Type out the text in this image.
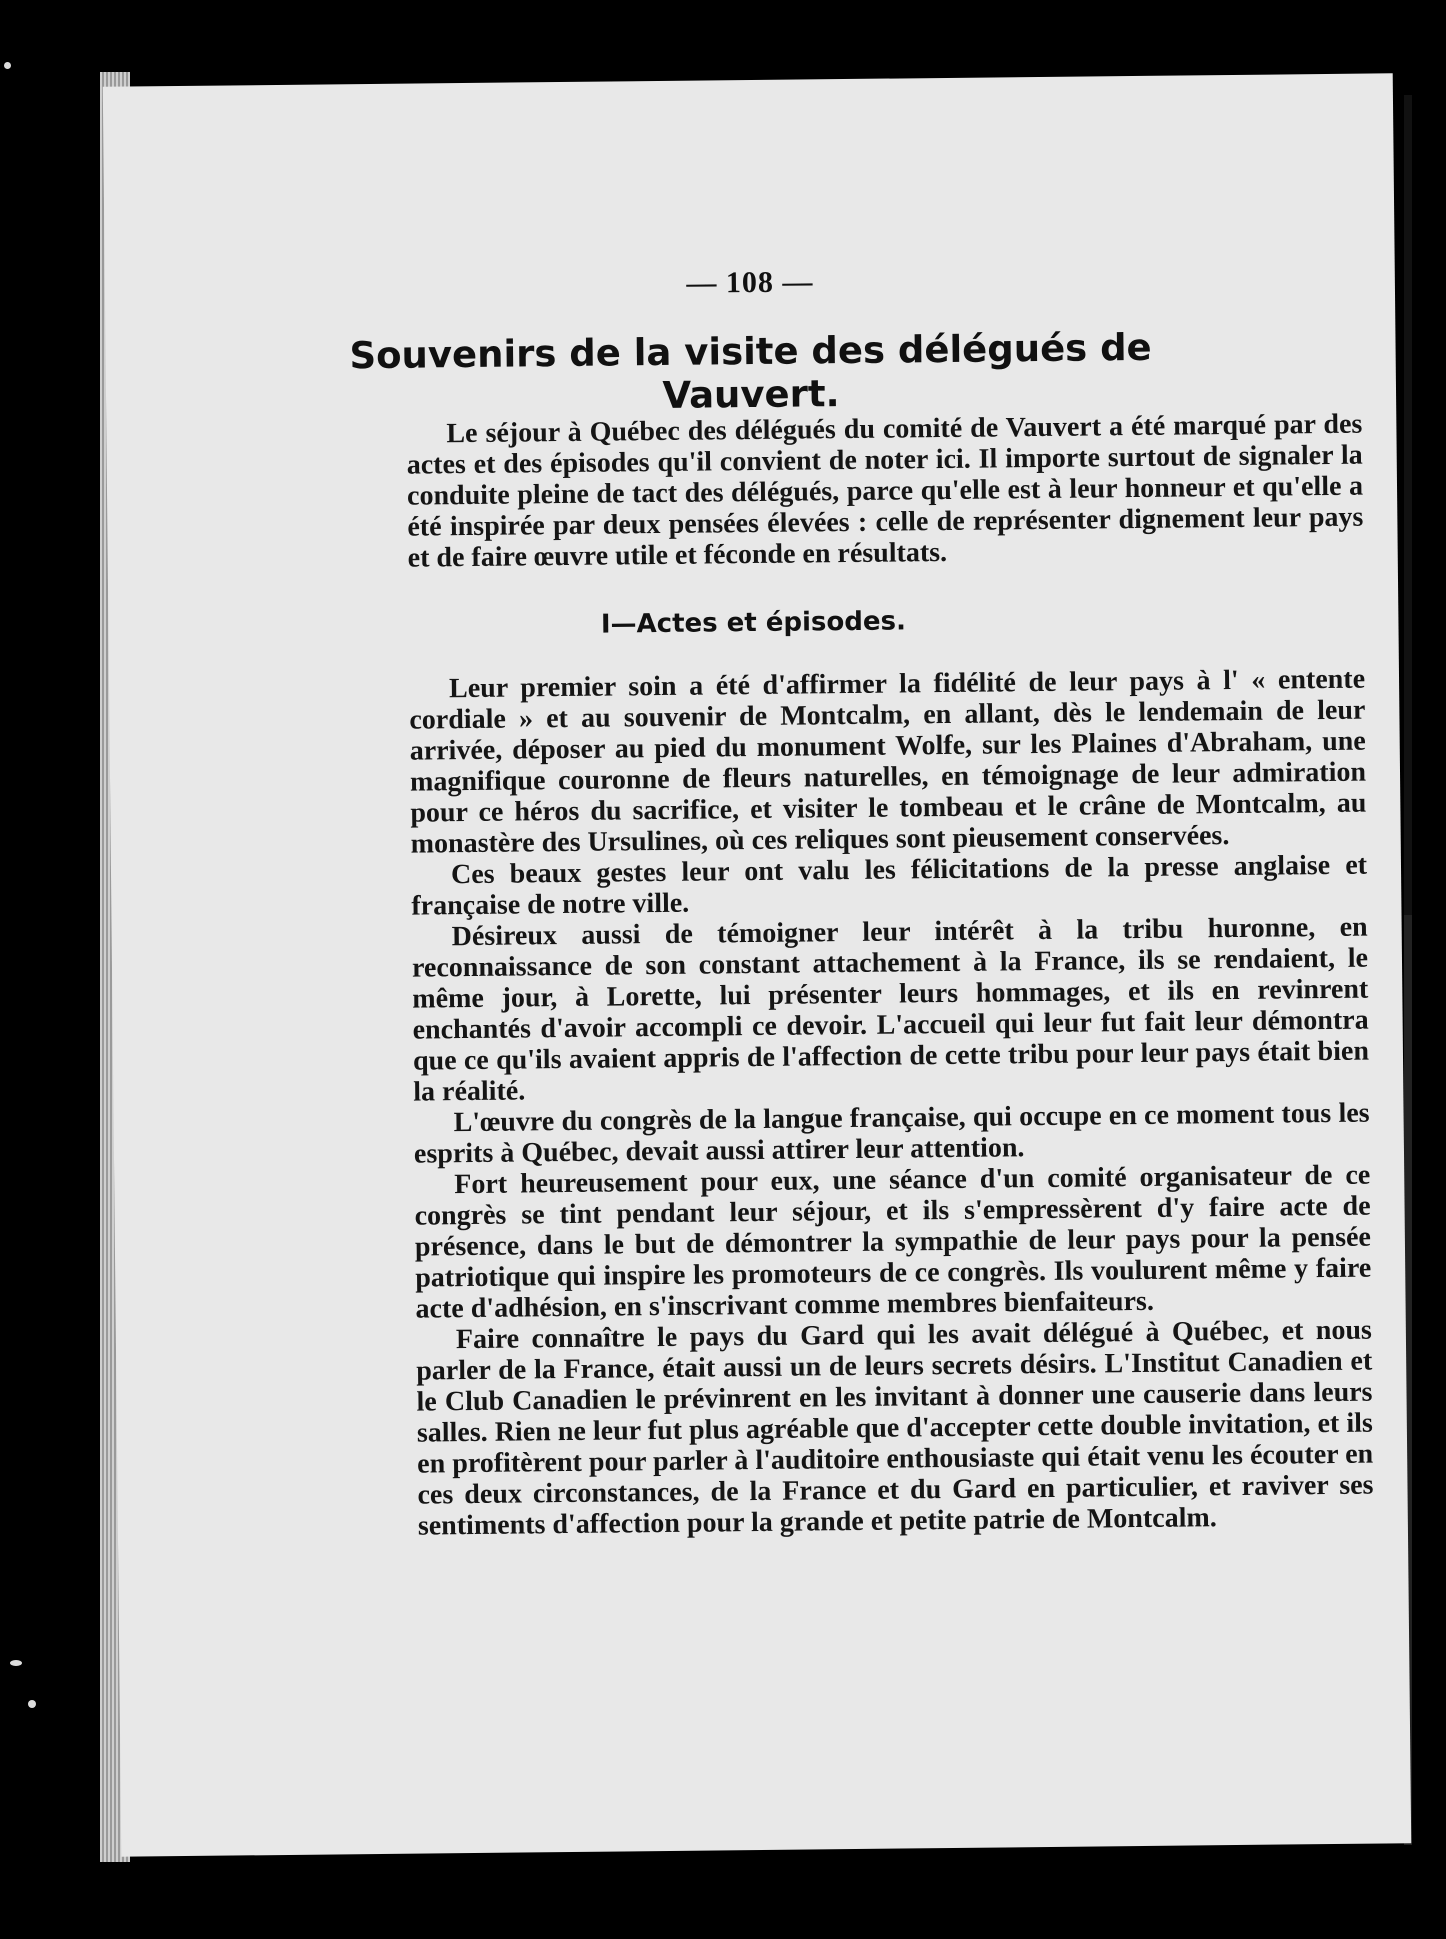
— 108 —
Souvenirs de la visite des délégués de Vauvert.

Le séjour à Québec des délégués du comité de Vauvert a été marqué par des actes et des épisodes qu'il convient de noter ici. Il importe surtout de signaler la conduite pleine de tact des délégués, parce qu'elle est à leur honneur et qu'elle a été inspirée par deux pensées élevées : celle de représenter dignement leur pays et de faire œuvre utile et féconde en résultats.

I—Actes et épisodes.

Leur premier soin a été d'affirmer la fidélité de leur pays à l' « entente cordiale » et au souvenir de Montcalm, en allant, dès le lendemain de leur arrivée, déposer au pied du monument Wolfe, sur les Plaines d'Abraham, une magnifique couronne de fleurs naturelles, en témoignage de leur admiration pour ce héros du sacrifice, et visiter le tombeau et le crâne de Montcalm, au monastère des Ursulines, où ces reliques sont pieusement conservées.

Ces beaux gestes leur ont valu les félicitations de la presse anglaise et française de notre ville.

Désireux aussi de témoigner leur intérêt à la tribu huronne, en reconnaissance de son constant attachement à la France, ils se rendaient, le même jour, à Lorette, lui présenter leurs hommages, et ils en revinrent enchantés d'avoir accompli ce devoir. L'accueil qui leur fut fait leur démontra que ce qu'ils avaient appris de l'affection de cette tribu pour leur pays était bien la réalité.

L'œuvre du congrès de la langue française, qui occupe en ce moment tous les esprits à Québec, devait aussi attirer leur attention.

Fort heureusement pour eux, une séance d'un comité organisateur de ce congrès se tint pendant leur séjour, et ils s'empressèrent d'y faire acte de présence, dans le but de démontrer la sympathie de leur pays pour la pensée patriotique qui inspire les promoteurs de ce congrès. Ils voulurent même y faire acte d'adhésion, en s'inscrivant comme membres bienfaiteurs.

Faire connaître le pays du Gard qui les avait délégué à Québec, et nous parler de la France, était aussi un de leurs secrets désirs. L'Institut Canadien et le Club Canadien le prévinrent en les invitant à donner une causerie dans leurs salles. Rien ne leur fut plus agréable que d'accepter cette double invitation, et ils en profitèrent pour parler à l'auditoire enthousiaste qui était venu les écouter en ces deux circonstances, de la France et du Gard en particulier, et raviver ses sentiments d'affection pour la grande et petite patrie de Montcalm.
